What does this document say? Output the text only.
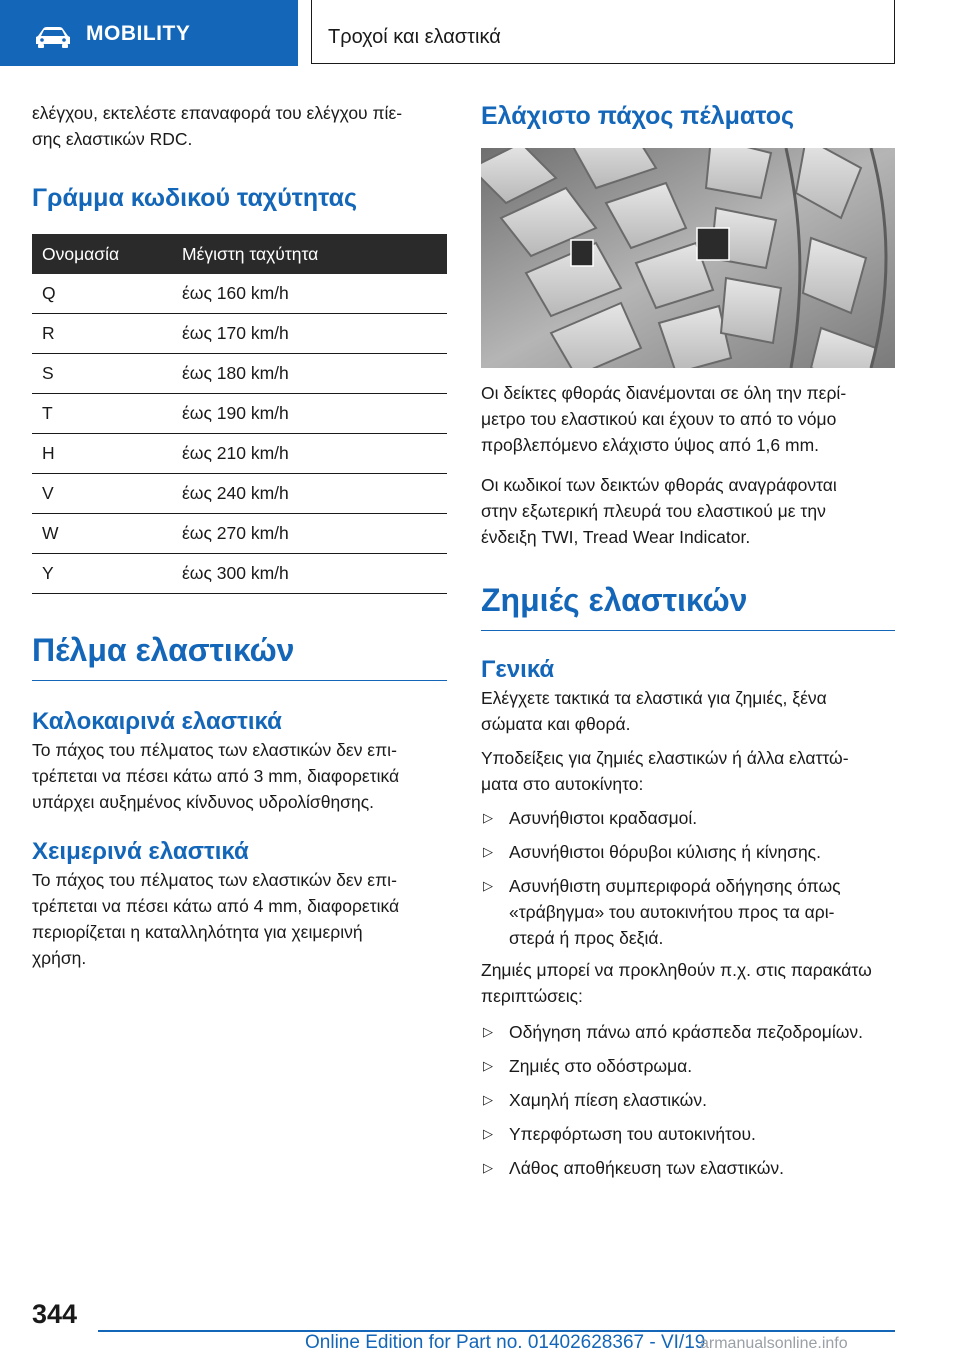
MOBILITY	Τροχοί και ελαστικά

ελέγχου, εκτελέστε επαναφορά του ελέγχου πίε-

σης ελαστικών RDC.

Γράμμα κωδικού ταχύτητας
Ονομασία	Μέγιστη ταχύτητα
Q	έως 160 km/h
R	έως 170 km/h
S	έως 180 km/h
T	έως 190 km/h
H	έως 210 km/h
V	έως 240 km/h
W	έως 270 km/h
Y	έως 300 km/h
Πέλμα ελαστικών
Καλοκαιρινά ελαστικά

Το πάχος του πέλματος των ελαστικών δεν επι-

τρέπεται να πέσει κάτω από 3 mm, διαφορετικά

υπάρχει αυξημένος κίνδυνος υδρολίσθησης.

Χειμερινά ελαστικά

Το πάχος του πέλματος των ελαστικών δεν επι-

τρέπεται να πέσει κάτω από 4 mm, διαφορετικά

περιορίζεται η καταλληλότητα για χειμερινή

χρήση.

Ελάχιστο πάχος πέλματος

Οι δείκτες φθοράς διανέμονται σε όλη την περί-

μετρο του ελαστικού και έχουν το από το νόμο

προβλεπόμενο ελάχιστο ύψος από 1,6 mm.

Οι κωδικοί των δεικτών φθοράς αναγράφονται

στην εξωτερική πλευρά του ελαστικού με την

ένδειξη TWI, Tread Wear Indicator.

Ζημιές ελαστικών
Γενικά

Ελέγχετε τακτικά τα ελαστικά για ζημιές, ξένα

σώματα και φθορά.

Υποδείξεις για ζημιές ελαστικών ή άλλα ελαττώ-

ματα στο αυτοκίνητο:

▷ Ασυνήθιστοι κραδασμοί.
▷ Ασυνήθιστοι θόρυβοι κύλισης ή κίνησης.
▷ Ασυνήθιστη συμπεριφορά οδήγησης όπως
«τράβηγμα» του αυτοκινήτου προς τα αρι-
στερά ή προς δεξιά.

Ζημιές μπορεί να προκληθούν π.χ. στις παρακάτω

περιπτώσεις:

▷ Οδήγηση πάνω από κράσπεδα πεζοδρομίων.
▷ Ζημιές στο οδόστρωμα.
▷ Χαμηλή πίεση ελαστικών.
▷ Υπερφόρτωση του αυτοκινήτου.
▷ Λάθος αποθήκευση των ελαστικών.
344
Online Edition for Part no. 01402628367 - VI/19
armanualsonline.info
